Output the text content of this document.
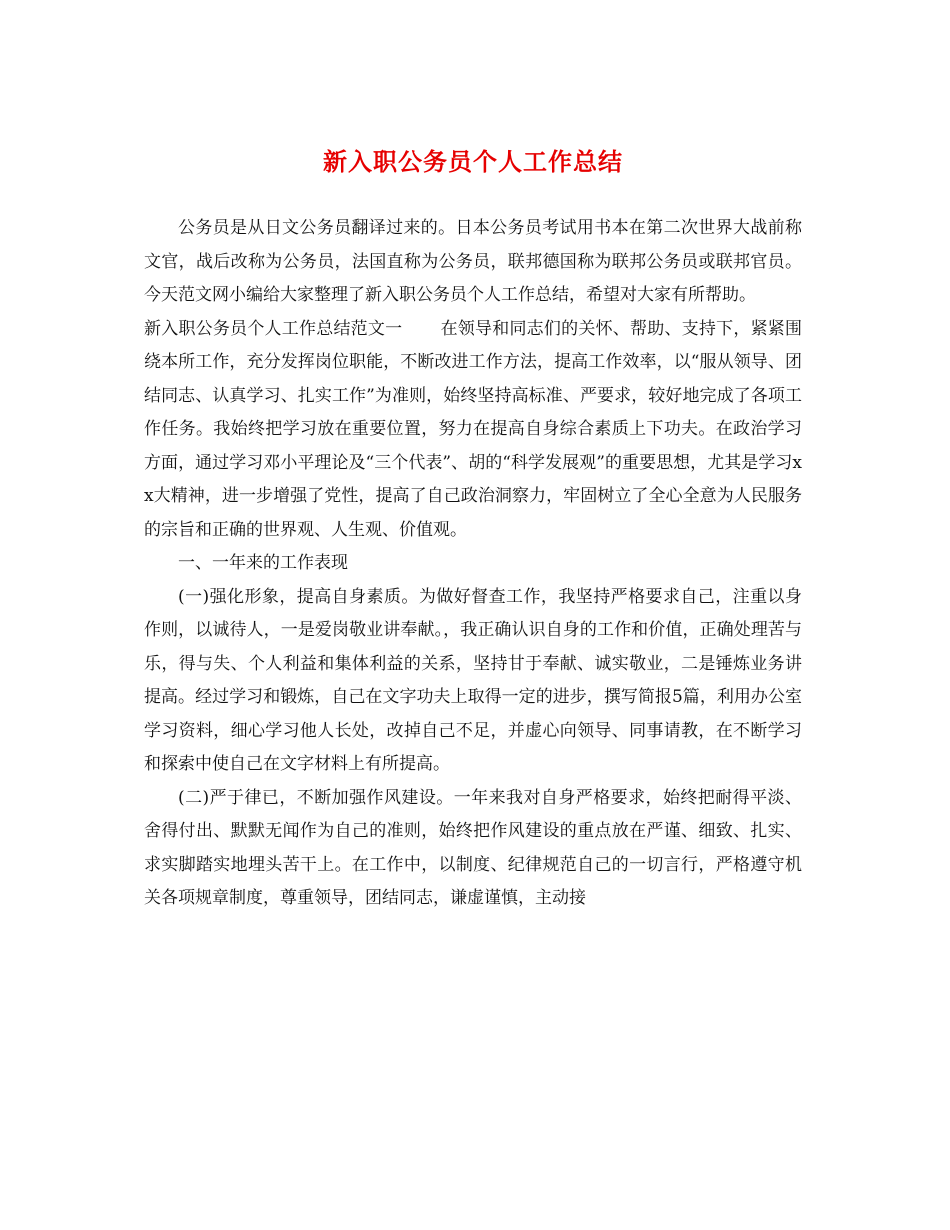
新入职公务员个人工作总结

公务员是从日文公务员翻译过来的。日本公务员考试用书本在第二次世界大战前称文官，战后改称为公务员，法国直称为公务员，联邦德国称为联邦公务员或联邦官员。今天范文网小编给大家整理了新入职公务员个人工作总结，希望对大家有所帮助。

新入职公务员个人工作总结范文一 在领导和同志们的关怀、帮助、支持下，紧紧围绕本所工作，充分发挥岗位职能，不断改进工作方法，提高工作效率，以“服从领导、团结同志、认真学习、扎实工作”为准则，始终坚持高标准、严要求，较好地完成了各项工作任务。我始终把学习放在重要位置，努力在提高自身综合素质上下功夫。在政治学习方面，通过学习邓小平理论及“三个代表”、胡的“科学发展观”的重要思想，尤其是学习xx大精神，进一步增强了党性，提高了自己政治洞察力，牢固树立了全心全意为人民服务的宗旨和正确的世界观、人生观、价值观。

一、一年来的工作表现

(一)强化形象，提高自身素质。为做好督查工作，我坚持严格要求自己，注重以身作则，以诚待人，一是爱岗敬业讲奉献。，我正确认识自身的工作和价值，正确处理苦与乐，得与失、个人利益和集体利益的关系，坚持甘于奉献、诚实敬业，二是锤炼业务讲提高。经过学习和锻炼，自己在文字功夫上取得一定的进步，撰写简报5篇，利用办公室学习资料，细心学习他人长处，改掉自己不足，并虚心向领导、同事请教，在不断学习和探索中使自己在文字材料上有所提高。

(二)严于律已，不断加强作风建设。一年来我对自身严格要求，始终把耐得平淡、舍得付出、默默无闻作为自己的准则，始终把作风建设的重点放在严谨、细致、扎实、求实脚踏实地埋头苦干上。在工作中，以制度、纪律规范自己的一切言行，严格遵守机关各项规章制度，尊重领导，团结同志，谦虚谨慎，主动接
